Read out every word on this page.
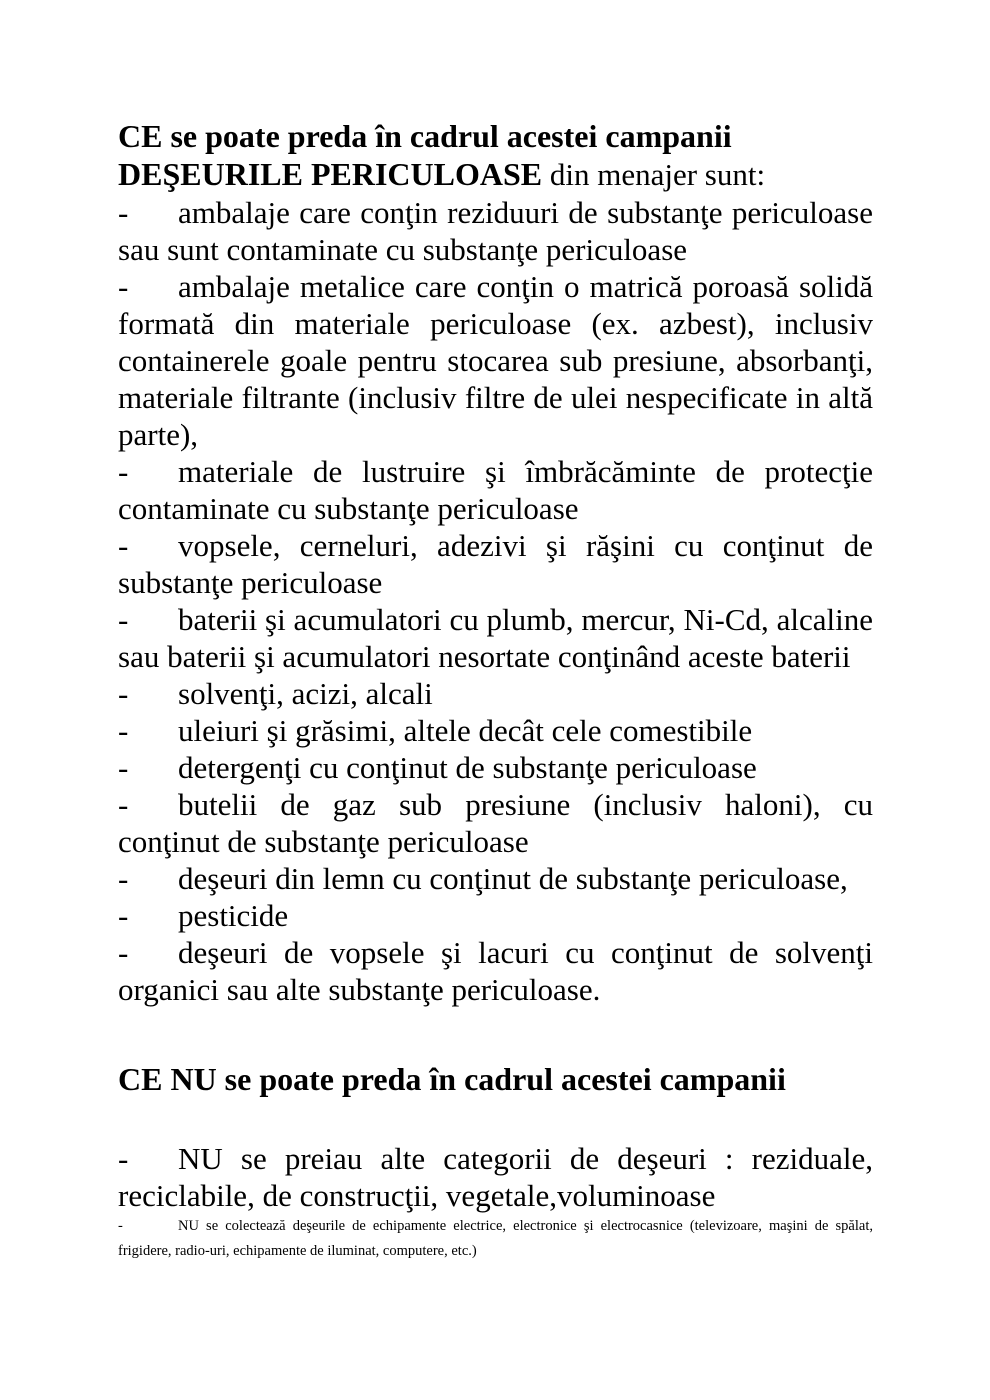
CE se poate preda în cadrul acestei campanii

DEŞEURILE PERICULOASE din menajer sunt:

- ambalaje care conţin reziduuri de substanţe periculoase sau sunt contaminate cu substanţe periculoase

- ambalaje metalice care conţin o matrică poroasă solidă formată din materiale periculoase (ex. azbest), inclusiv containerele goale pentru stocarea sub presiune, absorbanţi, materiale filtrante (inclusiv filtre de ulei nespecificate in altă parte),

- materiale de lustruire şi îmbrăcăminte de protecţie contaminate cu substanţe periculoase

- vopsele, cerneluri, adezivi şi răşini cu conţinut de substanţe periculoase

- baterii şi acumulatori cu plumb, mercur, Ni-Cd, alcaline sau baterii şi acumulatori nesortate conţinând aceste baterii

- solvenţi, acizi, alcali

- uleiuri şi grăsimi, altele decât cele comestibile

- detergenţi cu conţinut de substanţe periculoase

- butelii de gaz sub presiune (inclusiv haloni), cu conţinut de substanţe periculoase

- deşeuri din lemn cu conţinut de substanţe periculoase,

- pesticide

- deşeuri de vopsele şi lacuri cu conţinut de solvenţi organici sau alte substanţe periculoase.

CE NU se poate preda în cadrul acestei campanii

- NU se preiau alte categorii de deşeuri : reziduale, reciclabile, de construcţii, vegetale,voluminoase

-	NU se colectează deşeurile de echipamente electrice, electronice şi electrocasnice (televizoare, maşini de spălat, frigidere, radio-uri, echipamente de iluminat, computere, etc.)
